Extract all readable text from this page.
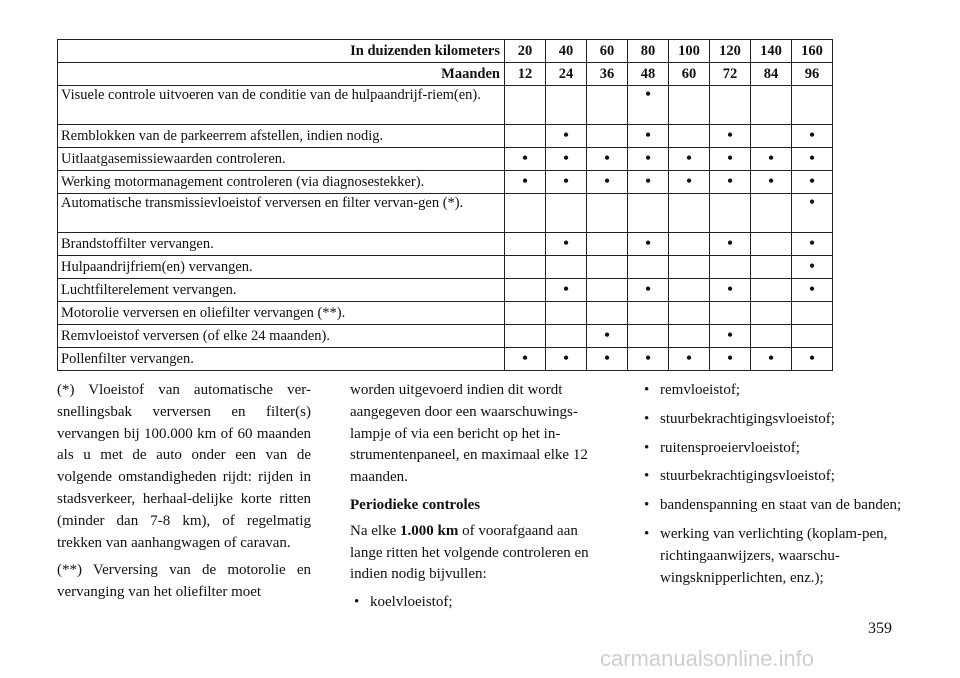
In duizenden kilometers	20	40	60	80	100	120	140	160
Maanden	12	24	36	48	60	72	84	96
Visuele controle uitvoeren van de conditie van de hulpaandrijf-riem(en).				•				
Remblokken van de parkeerrem afstellen, indien nodig.		•		•		•		•
Uitlaatgasemissiewaarden controleren.	•	•	•	•	•	•	•	•
Werking motormanagement controleren (via diagnosestekker).	•	•	•	•	•	•	•	•
Automatische transmissievloeistof verversen en filter vervan-gen (*).								•
Brandstoffilter vervangen.		•		•		•		•
Hulpaandrijfriem(en) vervangen.								•
Luchtfilterelement vervangen.		•		•		•		•
Motorolie verversen en oliefilter vervangen (**).								
Remvloeistof verversen (of elke 24 maanden).			•			•		
Pollenfilter vervangen.	•	•	•	•	•	•	•	•

(*) Vloeistof van automatische ver-snellingsbak verversen en filter(s) vervangen bij 100.000 km of 60 maanden als u met de auto onder een van de volgende omstandigheden rijdt: rijden in stadsverkeer, herhaal-delijke korte ritten (minder dan 7-8 km), of regelmatig trekken van aanhangwagen of caravan.

(**) Verversing van de motorolie en vervanging van het oliefilter moet

worden uitgevoerd indien dit wordt aangegeven door een waarschuwings-lampje of via een bericht op het in-strumentenpaneel, en maximaal elke 12 maanden.

Periodieke controles

Na elke 1.000 km of voorafgaand aan lange ritten het volgende controleren en indien nodig bijvullen:

• koelvloeistof;
• remvloeistof;
• stuurbekrachtigingsvloeistof;
• ruitensproeiervloeistof;
• stuurbekrachtigingsvloeistof;
• bandenspanning en staat van de banden;
• werking van verlichting (koplam-pen, richtingaanwijzers, waarschu-wingsknipperlichten, enz.);
359
carmanualsonline.info
